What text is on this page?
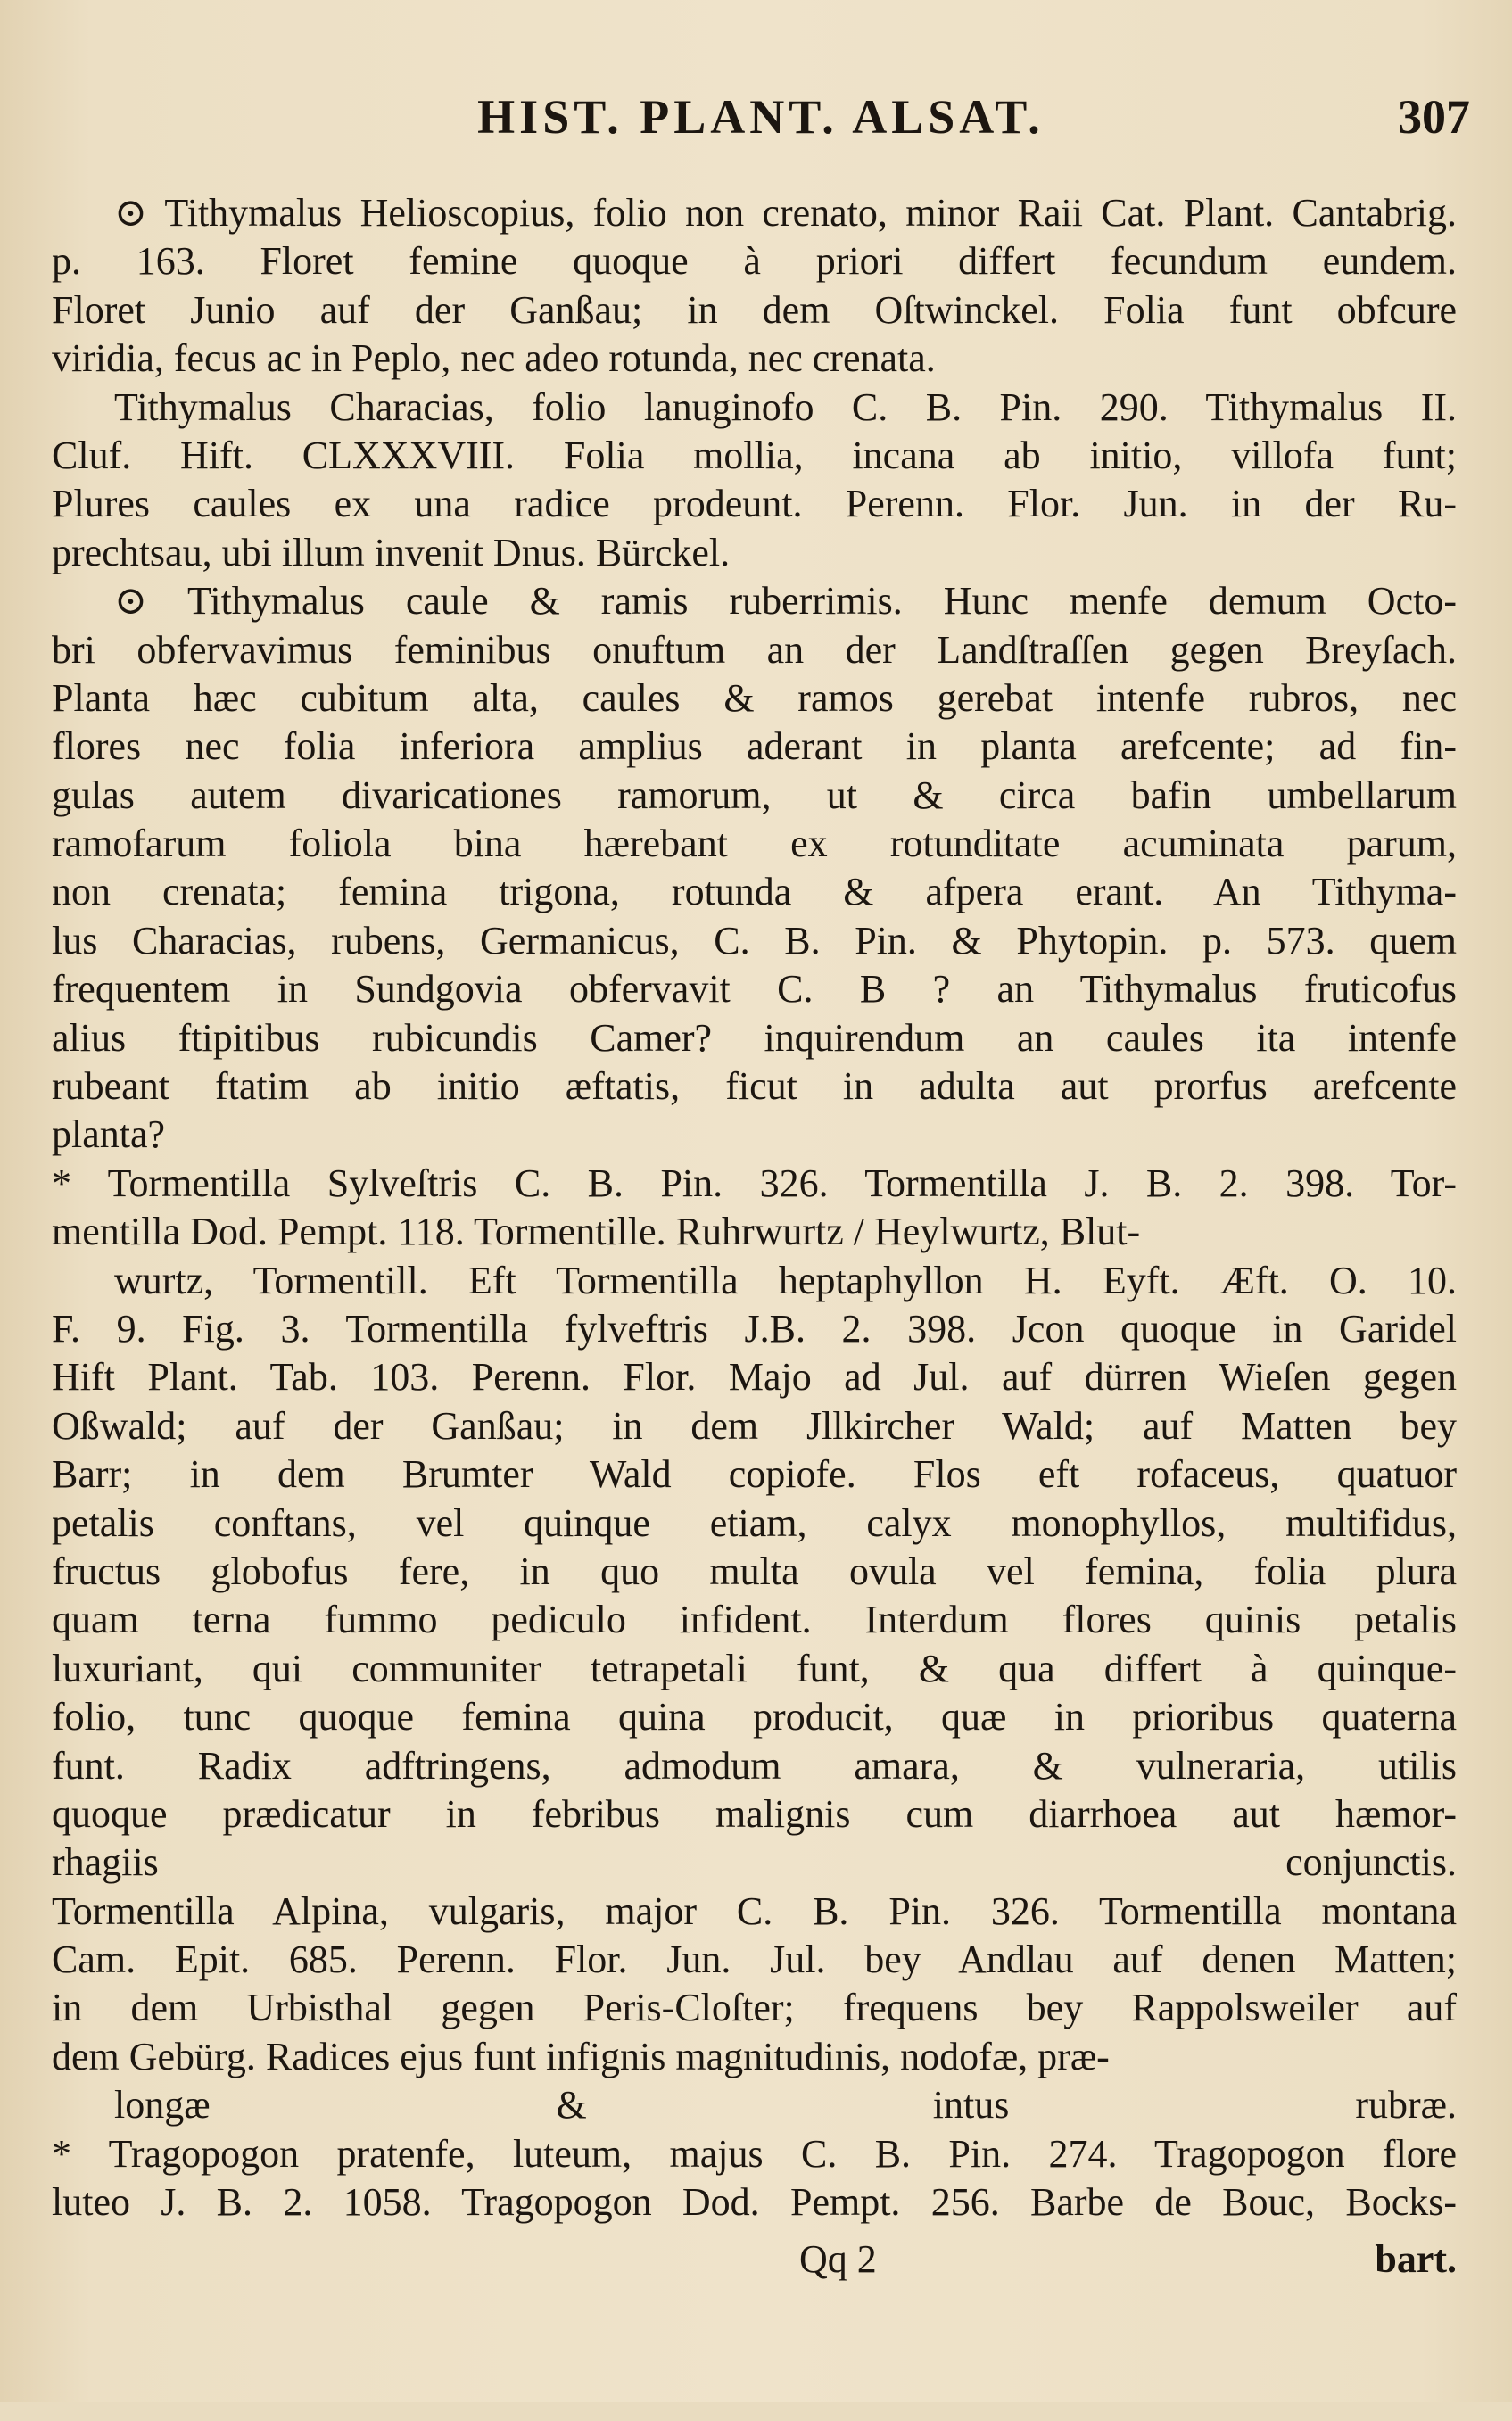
HIST. PLANT. ALSAT.	307
⊙ Tithymalus Helioscopius, folio non crenato, minor Raii Cat. Plant. Cantabrig.
p. 163. Floret femine quoque à priori differt fecundum eundem.
Floret Junio auf der Ganßau; in dem Oſtwinckel. Folia funt obfcure
viridia, fecus ac in Peplo, nec adeo rotunda, nec crenata.
Tithymalus Characias, folio lanuginofo C. B. Pin. 290. Tithymalus II.
Cluf. Hift. CLXXXVIII. Folia mollia, incana ab initio, villofa funt;
Plures caules ex una radice prodeunt. Perenn. Flor. Jun. in der Ru-
prechtsau, ubi illum invenit Dnus. Bürckel.
⊙ Tithymalus caule & ramis ruberrimis. Hunc menfe demum Octo-
bri obfervavimus feminibus onuftum an der Landſtraſſen gegen Breyſach.
Planta hæc cubitum alta, caules & ramos gerebat intenfe rubros, nec
flores nec folia inferiora amplius aderant in planta arefcente; ad fin-
gulas autem divaricationes ramorum, ut & circa bafin umbellarum
ramofarum foliola bina hærebant ex rotunditate acuminata parum,
non crenata; femina trigona, rotunda & afpera erant. An Tithyma-
lus Characias, rubens, Germanicus, C. B. Pin. & Phytopin. p. 573. quem
frequentem in Sundgovia obfervavit C. B ? an Tithymalus fruticofus
alius ftipitibus rubicundis Camer? inquirendum an caules ita intenfe
rubeant ftatim ab initio æftatis, ficut in adulta aut prorfus arefcente
planta?
* Tormentilla Sylveſtris C. B. Pin. 326. Tormentilla J. B. 2. 398. Tor-
mentilla Dod. Pempt. 118. Tormentille. Ruhrwurtz / Heylwurtz, Blut-
wurtz, Tormentill. Eft Tormentilla heptaphyllon H. Eyft. Æft. O. 10.
F. 9. Fig. 3. Tormentilla fylveftris J.B. 2. 398. Jcon quoque in Garidel
Hift Plant. Tab. 103. Perenn. Flor. Majo ad Jul. auf dürren Wieſen gegen
Oßwald; auf der Ganßau; in dem Jllkircher Wald; auf Matten bey
Barr; in dem Brumter Wald copiofe. Flos eft rofaceus, quatuor
petalis conftans, vel quinque etiam, calyx monophyllos, multifidus,
fructus globofus fere, in quo multa ovula vel femina, folia plura
quam terna fummo pediculo infident. Interdum flores quinis petalis
luxuriant, qui communiter tetrapetali funt, & qua differt à quinque-
folio, tunc quoque femina quina producit, quæ in prioribus quaterna
funt. Radix adftringens, admodum amara, & vulneraria, utilis
quoque prædicatur in febribus malignis cum diarrhoea aut hæmor-
rhagiis conjunctis.
Tormentilla Alpina, vulgaris, major C. B. Pin. 326. Tormentilla montana
Cam. Epit. 685. Perenn. Flor. Jun. Jul. bey Andlau auf denen Matten;
in dem Urbisthal gegen Peris-Cloſter; frequens bey Rappolsweiler auf
dem Gebürg. Radices ejus funt infignis magnitudinis, nodofæ, præ-
longæ & intus rubræ.
* Tragopogon pratenfe, luteum, majus C. B. Pin. 274. Tragopogon flore
luteo J. B. 2. 1058. Tragopogon Dod. Pempt. 256. Barbe de Bouc, Bocks-
Qq 2	bart.
